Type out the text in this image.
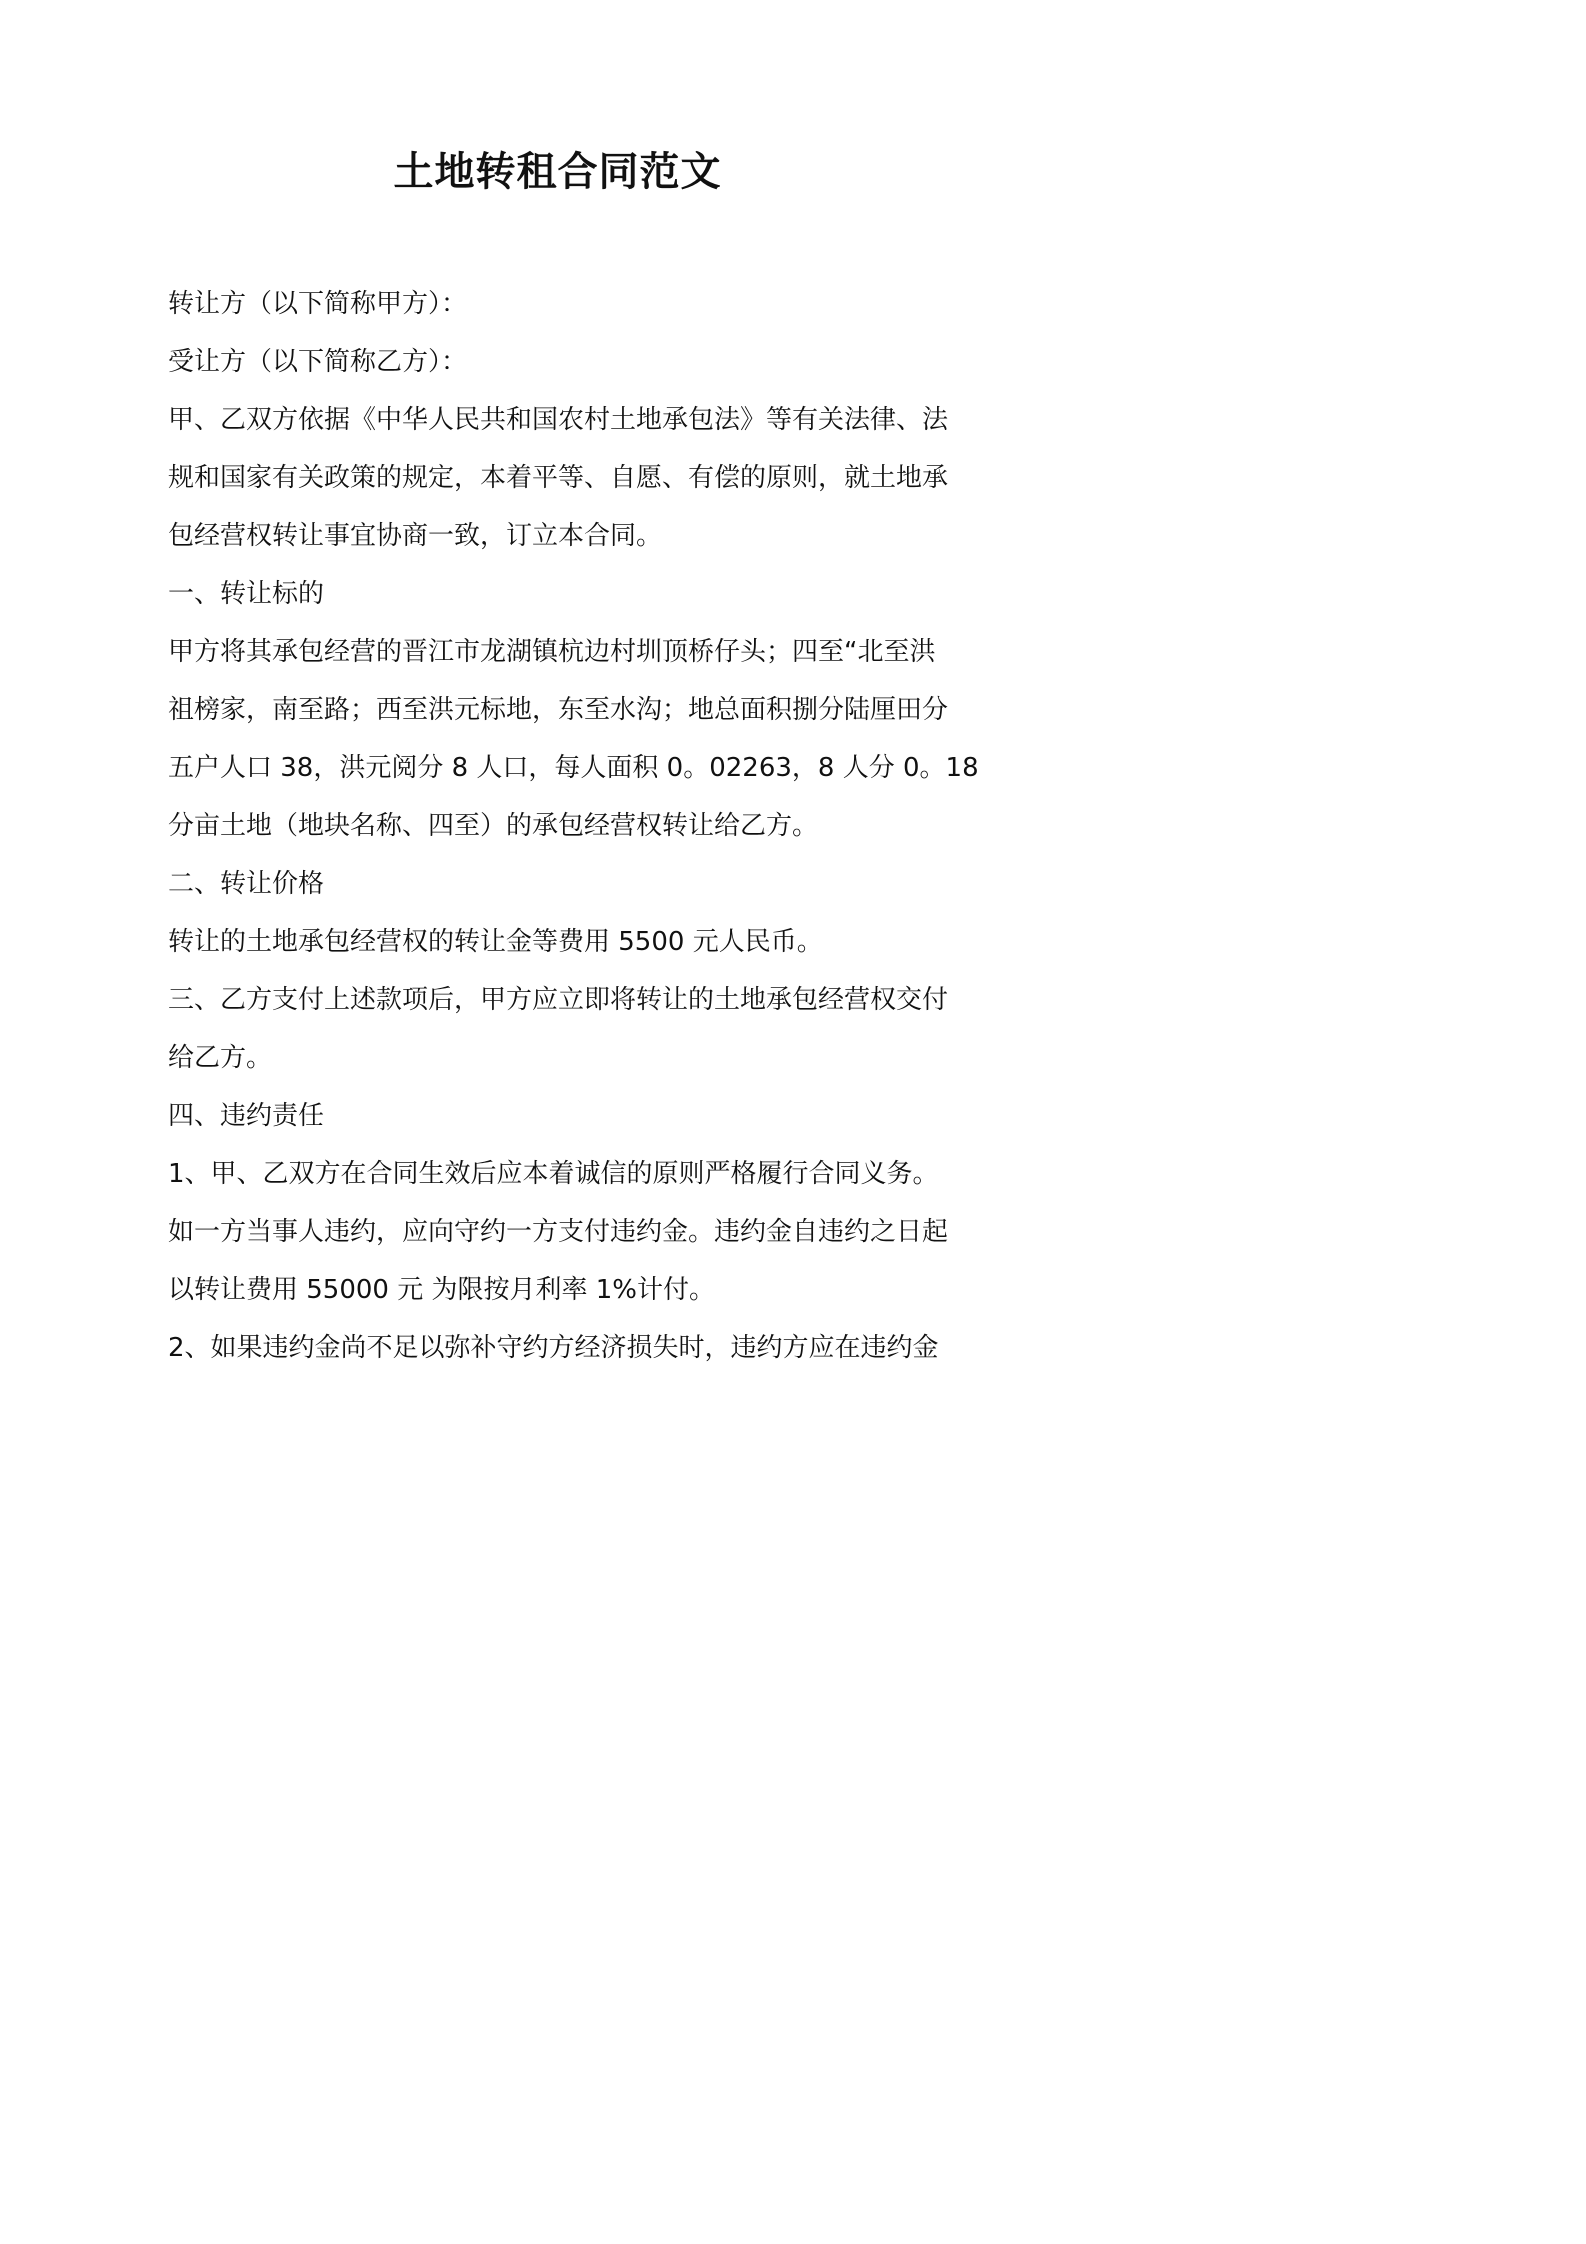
土地转租合同范文
转让方（以下简称甲方）：
受让方（以下简称乙方）：
甲、乙双方依据《中华人民共和国农村土地承包法》等有关法律、法
规和国家有关政策的规定，本着平等、自愿、有偿的原则，就土地承
包经营权转让事宜协商一致，订立本合同。
一、转让标的
甲方将其承包经营的晋江市龙湖镇杭边村圳顶桥仔头；四至“北至洪
祖榜家，南至路；西至洪元标地，东至水沟；地总面积捌分陆厘田分
五户人口 38，洪元阅分 8 人口，每人面积 0。02263，8 人分 0。18
分亩土地（地块名称、四至）的承包经营权转让给乙方。
二、转让价格
转让的土地承包经营权的转让金等费用 5500 元人民币。
三、乙方支付上述款项后，甲方应立即将转让的土地承包经营权交付
给乙方。
四、违约责任
1、甲、乙双方在合同生效后应本着诚信的原则严格履行合同义务。
如一方当事人违约，应向守约一方支付违约金。违约金自违约之日起
以转让费用 55000 元 为限按月利率 1%计付。
2、如果违约金尚不足以弥补守约方经济损失时，违约方应在违约金
